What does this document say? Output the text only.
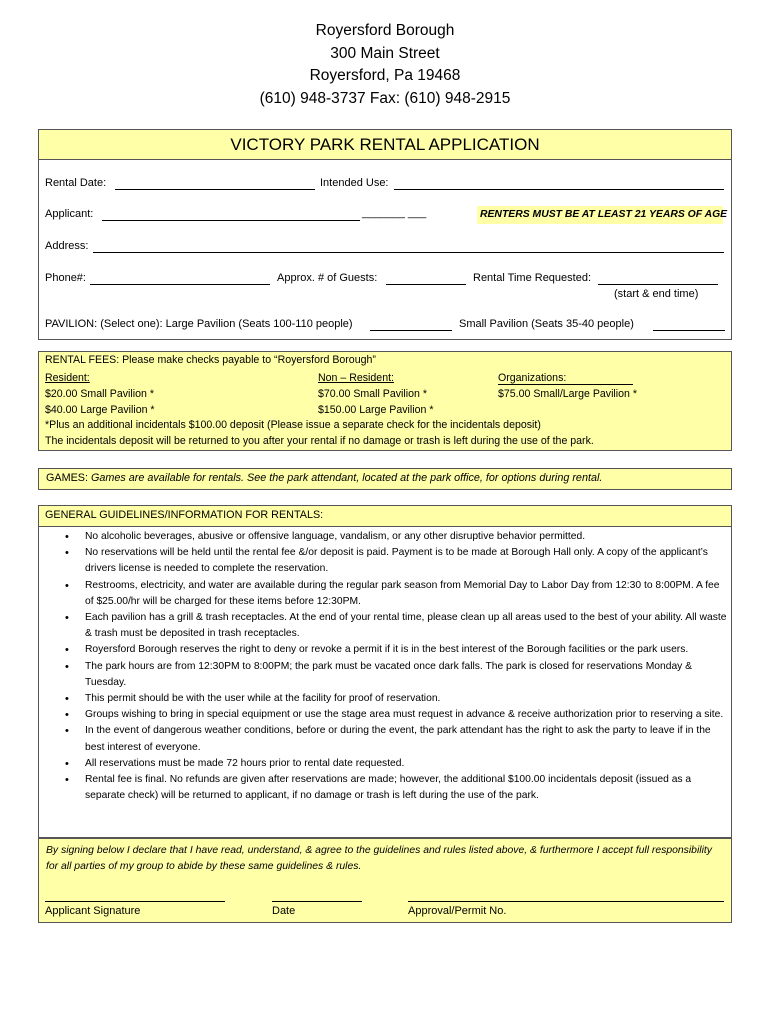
Royersford Borough
300 Main Street
Royersford, Pa 19468
(610) 948-3737 Fax: (610) 948-2915
VICTORY PARK RENTAL APPLICATION
Rental Date:	Intended Use:
Applicant:	_______ ___	RENTERS MUST BE AT LEAST 21 YEARS OF AGE
Address:
Phone#:	Approx. # of Guests:	Rental Time Requested:
(start & end time)
PAVILION: (Select one): Large Pavilion (Seats 100-110 people)	Small Pavilion (Seats 35-40 people)
RENTAL FEES: Please make checks payable to “Royersford Borough”
Resident:	Non – Resident:	Organizations:
$20.00 Small Pavilion *	$70.00 Small Pavilion *	$75.00 Small/Large Pavilion *
$40.00 Large Pavilion *	$150.00 Large Pavilion *
*Plus an additional incidentals $100.00 deposit (Please issue a separate check for the incidentals deposit)
The incidentals deposit will be returned to you after your rental if no damage or trash is left during the use of the park.
GAMES: Games are available for rentals. See the park attendant, located at the park office, for options during rental.
GENERAL GUIDELINES/INFORMATION FOR RENTALS:
• No alcoholic beverages, abusive or offensive language, vandalism, or any other disruptive behavior permitted.
• No reservations will be held until the rental fee &/or deposit is paid. Payment is to be made at Borough Hall only. A copy of the applicant’s drivers license is needed to complete the reservation.
• Restrooms, electricity, and water are available during the regular park season from Memorial Day to Labor Day from 12:30 to 8:00PM. A fee of $25.00/hr will be charged for these items before 12:30PM.
• Each pavilion has a grill & trash receptacles. At the end of your rental time, please clean up all areas used to the best of your ability. All waste & trash must be deposited in trash receptacles.
• Royersford Borough reserves the right to deny or revoke a permit if it is in the best interest of the Borough facilities or the park users.
• The park hours are from 12:30PM to 8:00PM; the park must be vacated once dark falls. The park is closed for reservations Monday & Tuesday.
• This permit should be with the user while at the facility for proof of reservation.
• Groups wishing to bring in special equipment or use the stage area must request in advance & receive authorization prior to reserving a site.
• In the event of dangerous weather conditions, before or during the event, the park attendant has the right to ask the party to leave if in the best interest of everyone.
• All reservations must be made 72 hours prior to rental date requested.
• Rental fee is final. No refunds are given after reservations are made; however, the additional $100.00 incidentals deposit (issued as a separate check) will be returned to applicant, if no damage or trash is left during the use of the park.
By signing below I declare that I have read, understand, & agree to the guidelines and rules listed above, & furthermore I accept full responsibility for all parties of my group to abide by these same guidelines & rules.
Applicant Signature	Date	Approval/Permit No.
